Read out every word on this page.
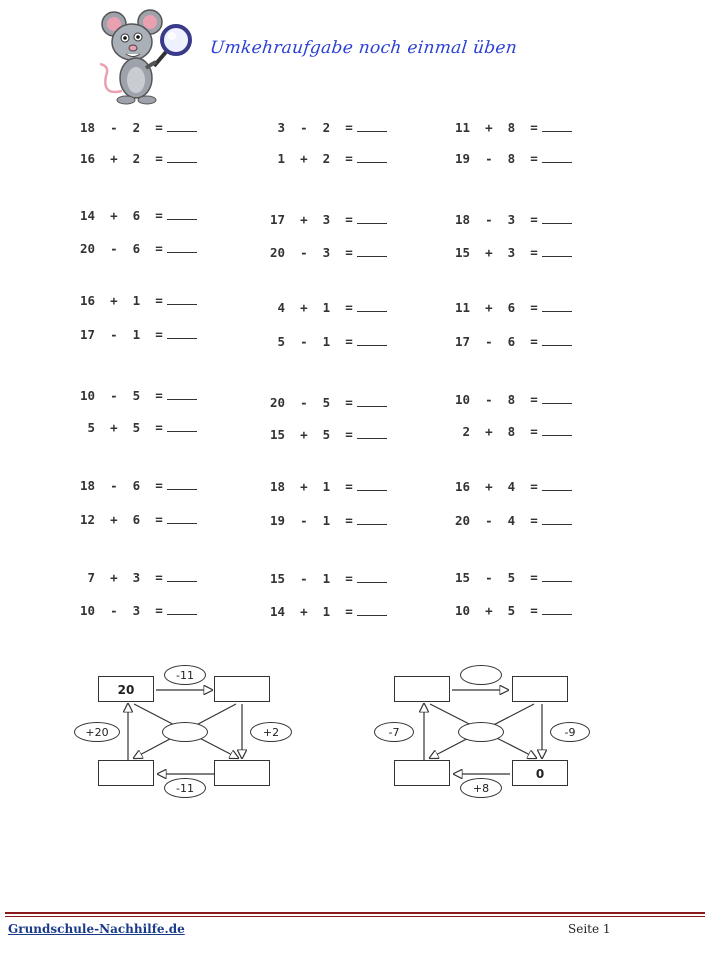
Umkehraufgabe noch einmal üben
18  -  2  =
16  +  2  =
14  +  6  =
20  -  6  =
16  +  1  =
17  -  1  =
10  -  5  =
5  +  5  =
18  -  6  =
12  +  6  =
7  +  3  =
10  -  3  =
3  -  2  =
1  +  2  =
17  +  3  =
20  -  3  =
4  +  1  =
5  -  1  =
20  -  5  =
15  +  5  =
18  +  1  =
19  -  1  =
15  -  1  =
14  +  1  =
11  +  8  =
19  -  8  =
18  -  3  =
15  +  3  =
11  +  6  =
17  -  6  =
10  -  8  =
2  +  8  =
16  +  4  =
20  -  4  =
15  -  5  =
10  +  5  =
20
-11
+20	+2
-11
0
-7	-9
+8
Grundschule-Nachhilfe.de	Seite 1
